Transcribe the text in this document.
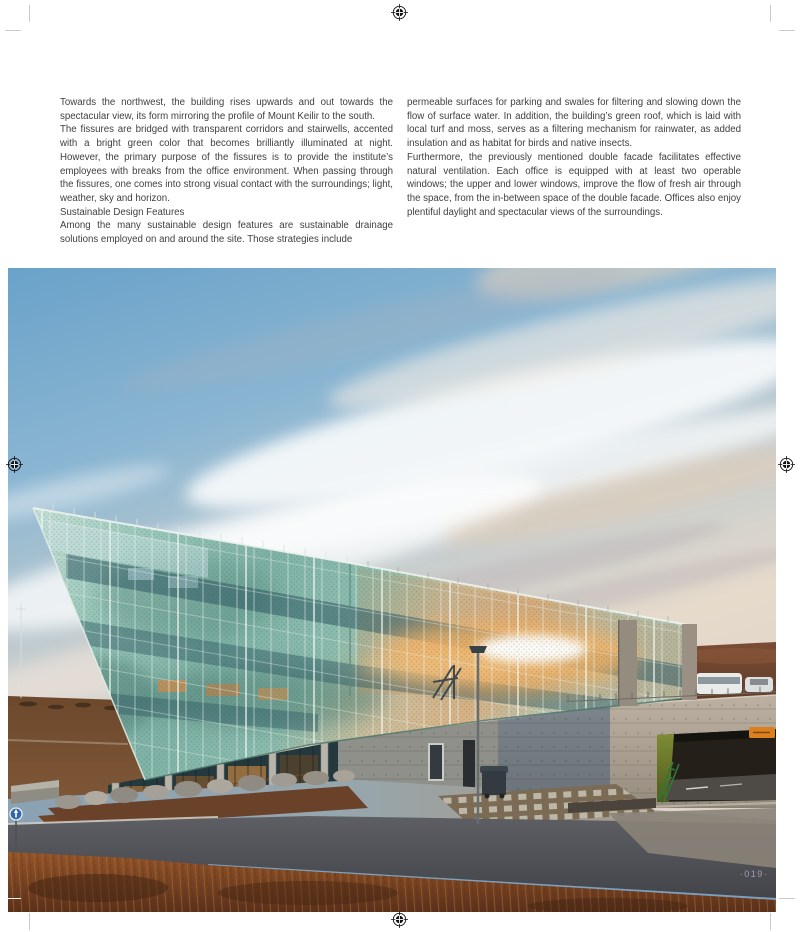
Towards the northwest, the building rises upwards and out towards the spectacular view, its form mirroring the profile of Mount Keilir to the south.

The fissures are bridged with transparent corridors and stairwells, accented with a bright green color that becomes brilliantly illuminated at night. However, the primary purpose of the fissures is to provide the institute’s employees with breaks from the office environment. When passing through the fissures, one comes into strong visual contact with the surroundings; light, weather, sky and horizon.

Sustainable Design Features

Among the many sustainable design features are sustainable drainage solutions employed on and around the site. Those strategies include

permeable surfaces for parking and swales for filtering and slowing down the flow of surface water. In addition, the building’s green roof, which is laid with local turf and moss, serves as a filtering mechanism for rainwater, as added insulation and as habitat for birds and native insects.

Furthermore, the previously mentioned double facade facilitates effective natural ventilation. Each office is equipped with at least two operable windows; the upper and lower windows, improve the flow of fresh air through the space, from the in-between space of the double facade. Offices also enjoy plentiful daylight and spectacular views of the surroundings.

·019·
